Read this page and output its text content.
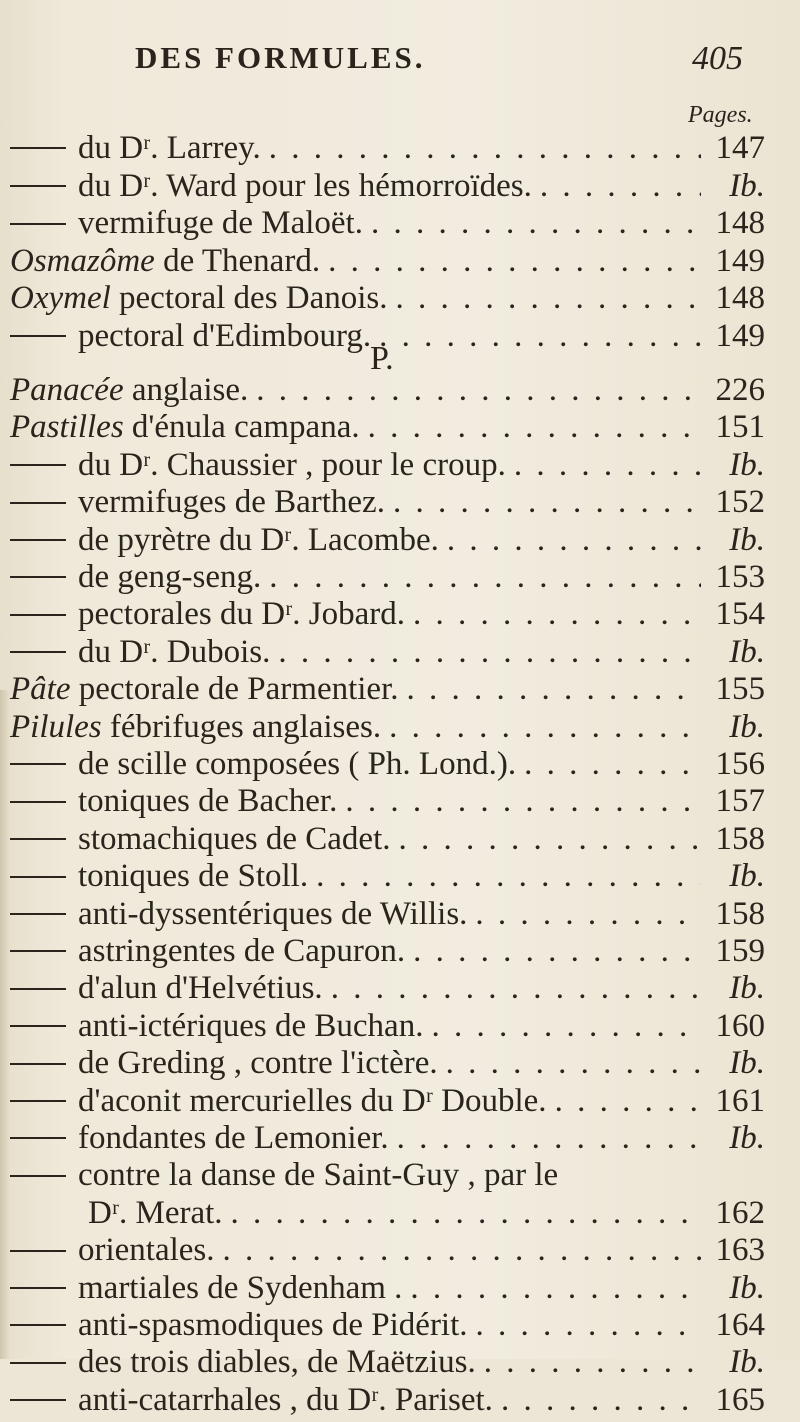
DES FORMULES.	405
Pages.
du Dʳ. Larrey. . . .	147
du Dʳ. Ward pour les hémorroïdes. . . .	Ib.
vermifuge de Maloët. . . .	148
Osmazôme de Thenard. . . .	149
Oxymel pectoral des Danois. . . .	148
pectoral d'Edimbourg. . . .	149
P.
Panacée anglaise. . . .	226
Pastilles d'énula campana. . . .	151
du Dʳ. Chaussier , pour le croup. . . .	Ib.
vermifuges de Barthez. . . .	152
de pyrètre du Dʳ. Lacombe. . . .	Ib.
de geng-seng. . . .	153
pectorales du Dʳ. Jobard. . . .	154
du Dʳ. Dubois. . . .	Ib.
Pâte pectorale de Parmentier. . . .	155
Pilules fébrifuges anglaises. . . .	Ib.
de scille composées ( Ph. Lond.). . . .	156
toniques de Bacher. . . .	157
stomachiques de Cadet. . . .	158
toniques de Stoll. . . .	Ib.
anti-dyssentériques de Willis. . . .	158
astringentes de Capuron. . . .	159
d'alun d'Helvétius. . . .	Ib.
anti-ictériques de Buchan. . . .	160
de Greding , contre l'ictère. . . .	Ib.
d'aconit mercurielles du Dʳ Double. . . .	161
fondantes de Lemonier. . . .	Ib.
contre la danse de Saint-Guy , par le
Dʳ. Merat. . . .	162
orientales. . . .	163
martiales de Sydenham . . . .	Ib.
anti-spasmodiques de Pidérit. . . .	164
des trois diables, de Maëtzius. . . .	Ib.
anti-catarrhales , du Dʳ. Pariset. . . .	165
